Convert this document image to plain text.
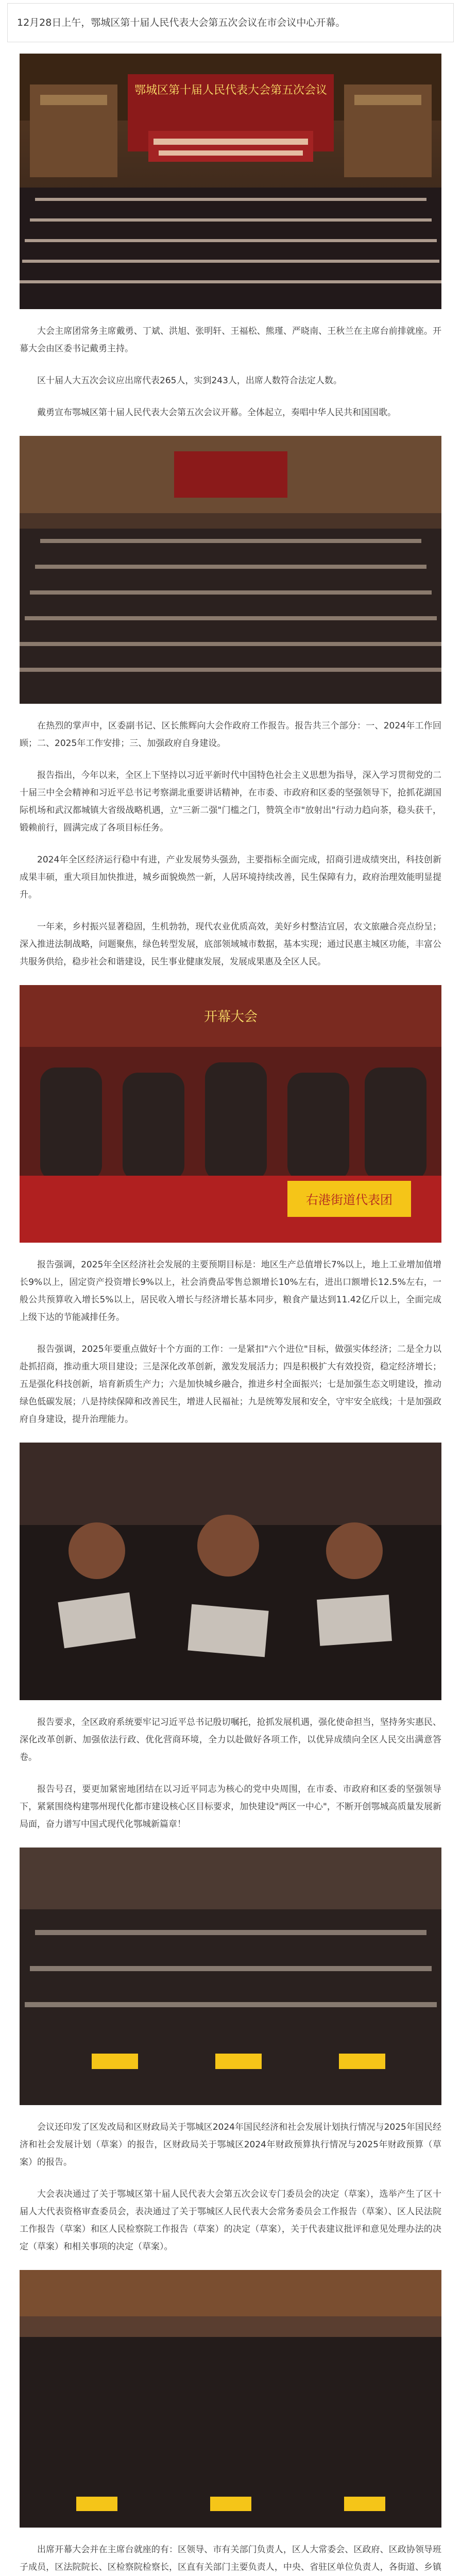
12月28日上午，鄂城区第十届人民代表大会第五次会议在市会议中心开幕。
鄂城区第十届人民代表大会第五次会议

大会主席团常务主席戴勇、丁斌、洪旭、张明轩、王福松、熊瑾、严晓南、王秋兰在主席台前排就座。开幕大会由区委书记戴勇主持。

区十届人大五次会议应出席代表265人，实到243人，出席人数符合法定人数。

戴勇宣布鄂城区第十届人民代表大会第五次会议开幕。全体起立，奏唱中华人民共和国国歌。

在热烈的掌声中，区委副书记、区长熊辉向大会作政府工作报告。报告共三个部分：一、2024年工作回顾；二、2025年工作安排；三、加强政府自身建设。

报告指出，今年以来，全区上下坚持以习近平新时代中国特色社会主义思想为指导，深入学习贯彻党的二十届三中全会精神和习近平总书记考察湖北重要讲话精神，在市委、市政府和区委的坚强领导下，抢抓花湖国际机场和武汉都城镇大省级战略机遇，立"三新二强"门槛之门，赞筑全市"放射出"行动力趋向茶，稳头获千，锻赖前行，圆满完成了各项目标任务。

2024年全区经济运行稳中有进，产业发展势头强劲，主要指标全面完成，招商引进成绩突出，科技创新成果丰硕，重大项目加快推进，城乡面貌焕然一新，人居环境持续改善，民生保障有力，政府治理效能明显提升。

一年来，乡村振兴显著稳固，生机勃勃，现代农业优质高效，美好乡村整洁宜居，农文旅融合亮点纷呈；深入推进法制战略，问题聚焦，绿色转型发展，底部领域城市数据，基本实现；通过民惠主城区功能，丰富公共服务供给，稳步社会和谐建设，民生事业健康发展，发展成果惠及全区人民。

开幕大会
右港街道代表团

报告强调，2025年全区经济社会发展的主要预期目标是：地区生产总值增长7%以上，地上工业增加值增长9%以上，固定资产投资增长9%以上，社会消费品零售总额增长10%左右，进出口额增长12.5%左右，一般公共预算收入增长5%以上，居民收入增长与经济增长基本同步，粮食产量达到11.42亿斤以上，全面完成上级下达的节能减排任务。

报告强调，2025年要重点做好十个方面的工作：一是紧扣"六个进位"目标，做强实体经济；二是全力以赴抓招商，推动重大项目建设；三是深化改革创新，激发发展活力；四是积极扩大有效投资，稳定经济增长；五是强化科技创新，培育新质生产力；六是加快城乡融合，推进乡村全面振兴；七是加强生态文明建设，推动绿色低碳发展；八是持续保障和改善民生，增进人民福祉；九是统筹发展和安全，守牢安全底线；十是加强政府自身建设，提升治理能力。

报告要求，全区政府系统要牢记习近平总书记殷切嘱托，抢抓发展机遇，强化使命担当，坚持务实惠民、深化改革创新、加强依法行政、优化营商环境，全力以赴做好各项工作，以优异成绩向全区人民交出满意答卷。

报告号召，要更加紧密地团结在以习近平同志为核心的党中央周围，在市委、市政府和区委的坚强领导下，紧紧围绕构建鄂州现代化都市建设核心区目标要求，加快建设"两区一中心"，不断开创鄂城高质量发展新局面，奋力谱写中国式现代化鄂城新篇章！

会议还印发了区发改局和区财政局关于鄂城区2024年国民经济和社会发展计划执行情况与2025年国民经济和社会发展计划（草案）的报告，区财政局关于鄂城区2024年财政预算执行情况与2025年财政预算（草案）的报告。

大会表决通过了关于鄂城区第十届人民代表大会第五次会议专门委员会的决定（草案），选举产生了区十届人大代表资格审查委员会，表决通过了关于鄂城区人民代表大会常务委员会工作报告（草案）、区人民法院工作报告（草案）和区人民检察院工作报告（草案）的决定（草案），关于代表建议批评和意见处理办法的决定（草案）和相关事项的决定（草案）。

出席开幕大会并在主席台就座的有：区领导、市有关部门负责人，区人大常委会、区政府、区政协领导班子成员，区法院院长、区检察院检察长，区直有关部门主要负责人，中央、省驻区单位负责人，各街道、乡镇
